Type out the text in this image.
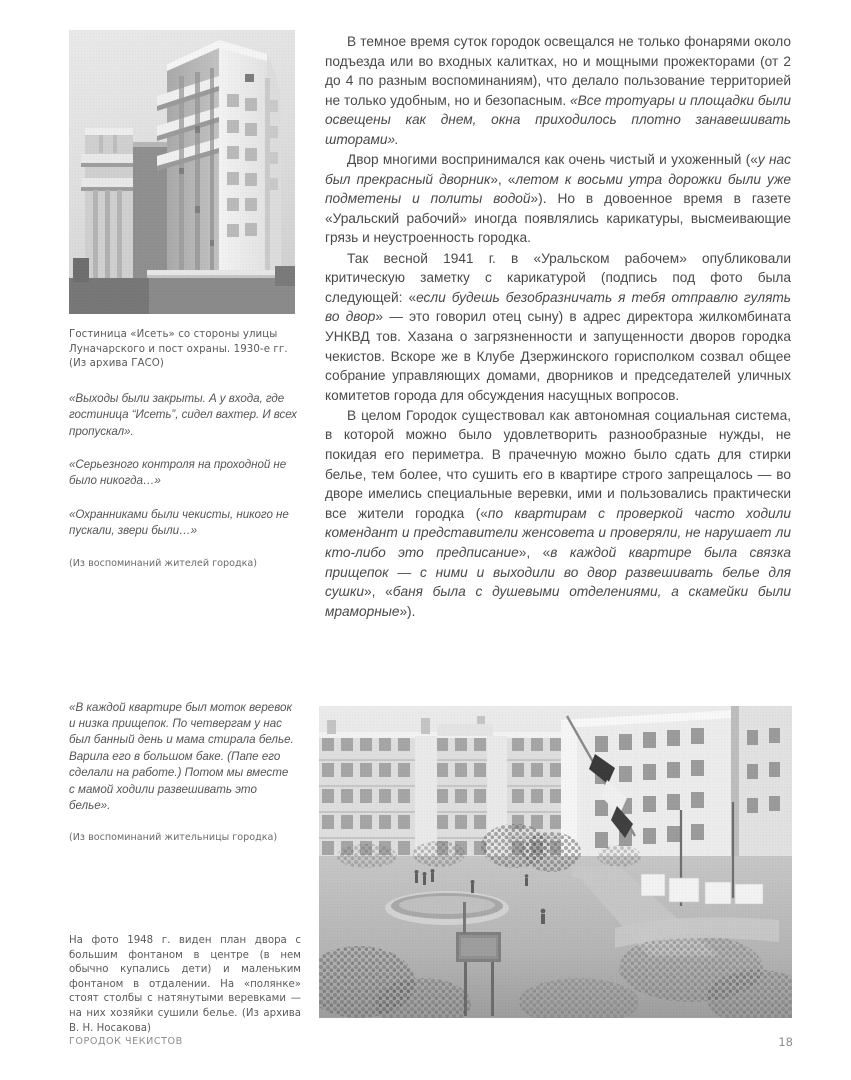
Гостиница «Исеть» со стороны улицы Луначарского и пост охраны. 1930-е гг. (Из архива ГАСО)
«Выходы были закрыты. А у входа, где гостиница “Исеть”, сидел вахтер. И всех пропускал».
«Серьезного контроля на проходной не было никогда…»
«Охранниками были чекисты, никого не пускали, звери были…»
(Из воспоминаний жителей городка)
«В каждой квартире был моток веревок и низка прищепок. По четвергам у нас был банный день и мама стирала белье. Варила его в большом баке. (Папе его сделали на работе.) Потом мы вместе с мамой ходили развешивать это белье».
(Из воспоминаний жительницы городка)
На фото 1948 г. виден план двора с большим фонтаном в центре (в нем обычно купались дети) и маленьким фонтаном в отдалении. На «полянке» стоят столбы с натянутыми веревками — на них хозяйки сушили белье. (Из архива В. Н. Носакова)

В темное время суток городок освещался не только фонарями около подъезда или во входных калитках, но и мощными прожекторами (от 2 до 4 по разным воспоминаниям), что делало пользование территорией не только удобным, но и безопасным. «Все тротуары и площадки были освещены как днем, окна приходилось плотно занавешивать шторами».

Двор многими воспринимался как очень чистый и ухоженный («у нас был прекрасный дворник», «летом к восьми утра дорожки были уже подметены и политы водой»). Но в довоенное время в газете «Уральский рабочий» иногда появлялись карикатуры, высмеивающие грязь и неустроенность городка.

Так весной 1941 г. в «Уральском рабочем» опубликовали критическую заметку с карикатурой (подпись под фото была следующей: «если будешь безобразничать я тебя отправлю гулять во двор» — это говорил отец сыну) в адрес директора жилкомбината УНКВД тов. Хазана о загрязненности и запущенности дворов городка чекистов. Вскоре же в Клубе Дзержинского горисполком созвал общее собрание управляющих домами, дворников и председателей уличных комитетов города для обсуждения насущных вопросов.

В целом Городок существовал как автономная социальная система, в которой можно было удовлетворить разнообразные нужды, не покидая его периметра. В прачечную можно было сдать для стирки белье, тем более, что сушить его в квартире строго запрещалось — во дворе имелись специальные веревки, ими и пользовались практически все жители городка («по квартирам с проверкой часто ходили комендант и представители женсовета и проверяли, не нарушает ли кто-либо это предписание», «в каждой квартире была связка прищепок — с ними и выходили во двор развешивать белье для сушки», «баня была с душевыми отделениями, а скамейки были мраморные»).

ГОРОДОК ЧЕКИСТОВ	18
